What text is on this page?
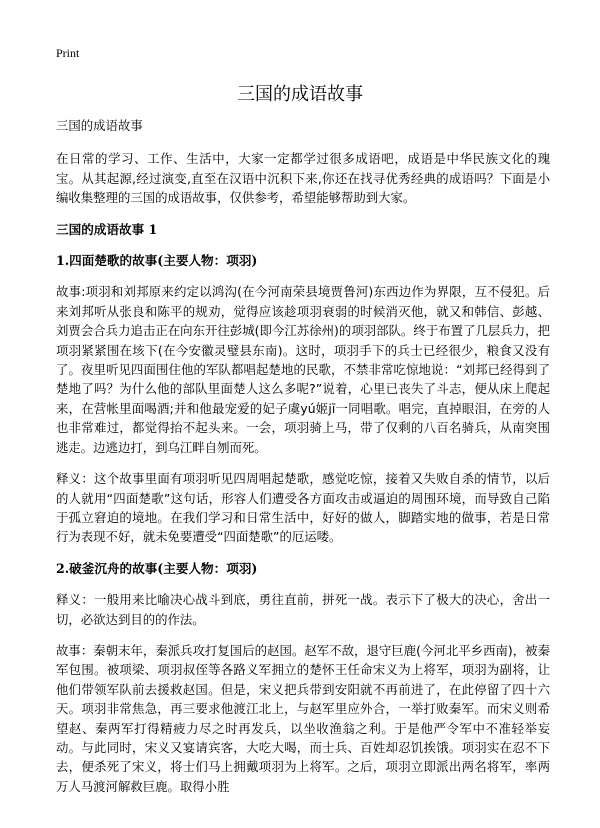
Print
三国的成语故事

三国的成语故事

在日常的学习、工作、生活中，大家一定都学过很多成语吧，成语是中华民族文化的瑰宝。从其起源,经过演变,直至在汉语中沉积下来,你还在找寻优秀经典的成语吗？下面是小编收集整理的三国的成语故事，仅供参考，希望能够帮助到大家。

三国的成语故事 1
1.四面楚歌的故事(主要人物：项羽)

故事:项羽和刘邦原来约定以鸿沟(在今河南荣县境贾鲁河)东西边作为界限，互不侵犯。后来刘邦听从张良和陈平的规劝，觉得应该趁项羽衰弱的时候消灭他，就又和韩信、彭越、刘贾会合兵力追击正在向东开往彭城(即今江苏徐州)的项羽部队。终于布置了几层兵力，把项羽紧紧围在垓下(在今安徽灵璧县东南)。这时，项羽手下的兵士已经很少，粮食又没有了。夜里听见四面围住他的军队都唱起楚地的民歌，不禁非常吃惊地说：“刘邦已经得到了楚地了吗？为什么他的部队里面楚人这么多呢?”说着，心里已丧失了斗志，便从床上爬起来，在营帐里面喝酒;并和他最宠爱的妃子虞yú姬jī一同唱歌。唱完，直掉眼泪，在旁的人也非常难过，都觉得抬不起头来。一会，项羽骑上马，带了仅剩的八百名骑兵，从南突围逃走。边逃边打，到乌江畔自刎而死。

释义：这个故事里面有项羽听见四周唱起楚歌，感觉吃惊，接着又失败自杀的情节，以后的人就用“四面楚歌”这句话，形容人们遭受各方面攻击或逼迫的周围环境，而导致自己陷于孤立窘迫的境地。在我们学习和日常生活中，好好的做人，脚踏实地的做事，若是日常行为表现不好，就未免要遭受“四面楚歌”的厄运喽。

2.破釜沉舟的故事(主要人物：项羽)

释义：一般用来比喻决心战斗到底，勇往直前，拼死一战。表示下了极大的决心，舍出一切，必欲达到目的的作法。

故事：秦朝末年，秦派兵攻打复国后的赵国。赵军不敌，退守巨鹿(今河北平乡西南)，被秦军包围。被项梁、项羽叔侄等各路义军拥立的楚怀王任命宋义为上将军，项羽为副将，让他们带领军队前去援救赵国。但是，宋义把兵带到安阳就不再前进了，在此停留了四十六天。项羽非常焦急，再三要求他渡江北上，与赵军里应外合，一举打败秦军。而宋义则希望赵、秦两军打得精疲力尽之时再发兵，以坐收渔翁之利。于是他严令军中不准轻举妄动。与此同时，宋义又宴请宾客，大吃大喝，而士兵、百姓却忍饥挨饿。项羽实在忍不下去，便杀死了宋义，将士们马上拥戴项羽为上将军。之后，项羽立即派出两名将军，率两万人马渡河解救巨鹿。取得小胜
